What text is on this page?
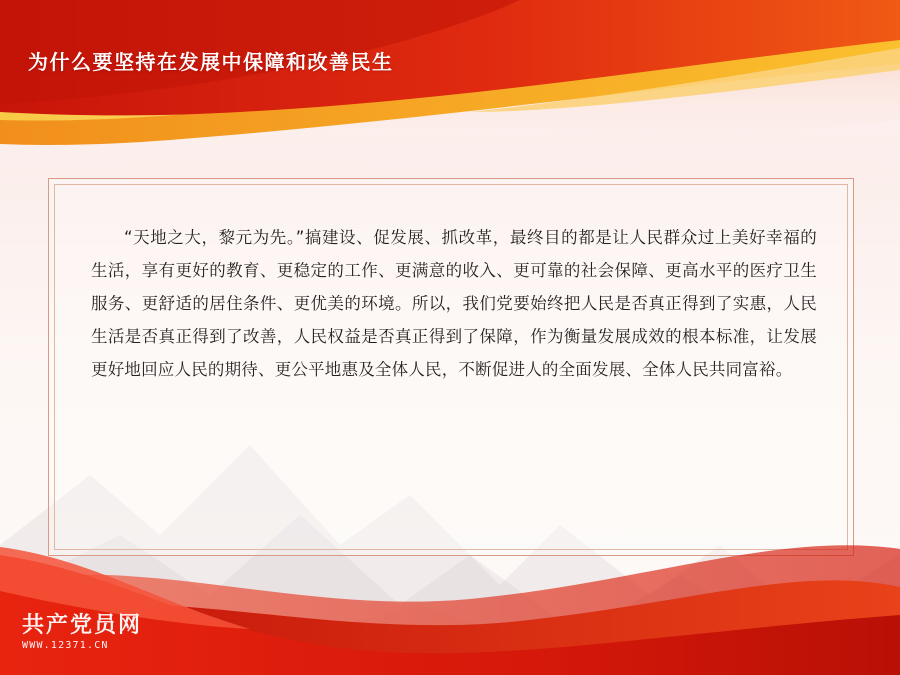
为什么要坚持在发展中保障和改善民生

“天地之大，黎元为先。”搞建设、促发展、抓改革，最终目的都是让人民群众过上美好幸福的生活，享有更好的教育、更稳定的工作、更满意的收入、更可靠的社会保障、更高水平的医疗卫生服务、更舒适的居住条件、更优美的环境。所以，我们党要始终把人民是否真正得到了实惠，人民生活是否真正得到了改善，人民权益是否真正得到了保障，作为衡量发展成效的根本标准，让发展更好地回应人民的期待、更公平地惠及全体人民，不断促进人的全面发展、全体人民共同富裕。

共产党员网
WWW.12371.CN
